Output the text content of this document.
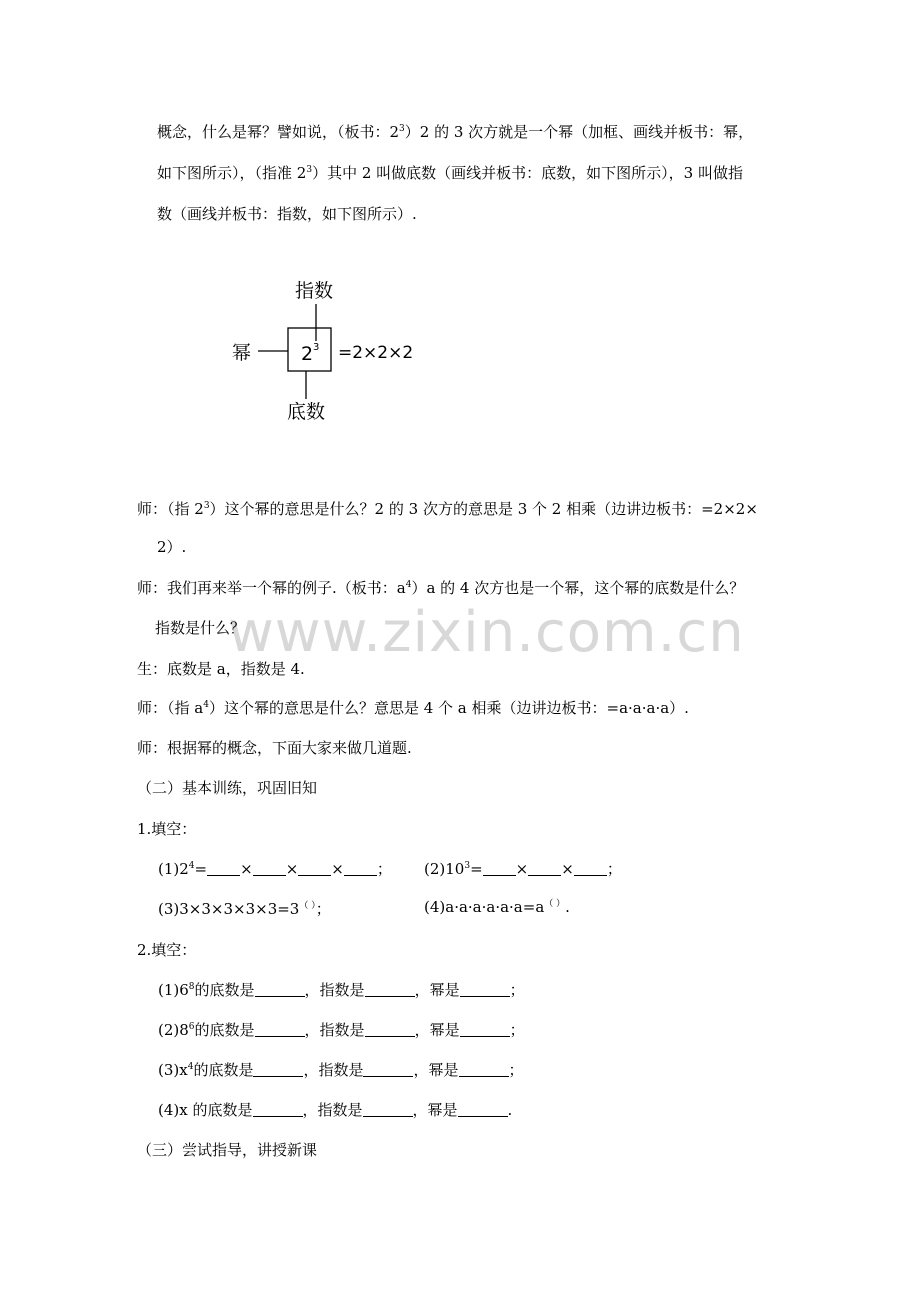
www.zixin.com.cn
概念，什么是幂？譬如说，（板书：$2^3)2$ 的 3 次方就是一个幂（加框、画线并板书：幂，
如下图所示），（指准 $2^3$）其中 2 叫做底数（画线并板书：底数，如下图所示），3 叫做指
数（画线并板书：指数，如下图所示）.
指数
2 3
幂	=2×2×2
底数
师：（指 $2^3$）这个幂的意思是什么？2 的 3 次方的意思是 3 个 2 相乘（边讲边板书：=2×2×
2）.
师：我们再来举一个幂的例子.（板书：$a^4)a$ 的 4 次方也是一个幂，这个幂的底数是什么？
指数是什么？
生：底数是 a，指数是 4.
师：（指 $a^4$）这个幂的意思是什么？意思是 4 个 a 相乘（边讲边板书：=a·a·a·a）.
师：根据幂的概念，下面大家来做几道题.
（二）基本训练，巩固旧知
1.填空：
$(1)2^4=$ × × × ； $(2)10^3=$ × × ；
(3)3×3×3×3×3=3（ ）；	(4)a·a·a·a·a·a=a（ ）.
2.填空：
$(1)6^8$的底数是	，指数是	，幂是	；
$(2)8^6$的底数是	，指数是	，幂是	；
$(3)x^4$的底数是	，指数是	，幂是	；
(4)x 的底数是	，指数是	，幂是	.
（三）尝试指导，讲授新课
